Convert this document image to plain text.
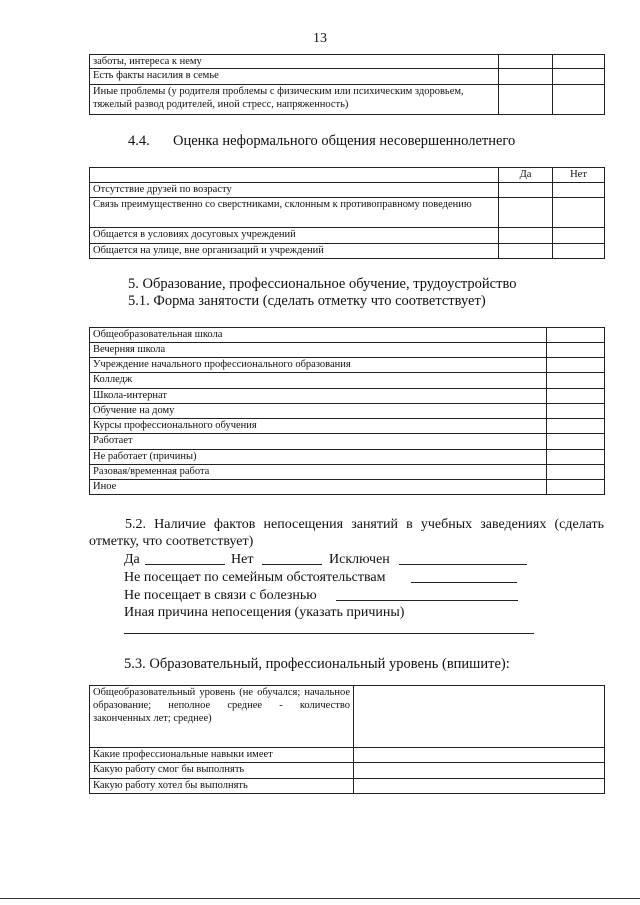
13
заботы, интереса к нему		
Есть факты насилия в семье		
Иные проблемы (у родителя проблемы с физическим или психическим здоровьем, тяжелый развод родителей, иной стресс, напряженность)		
4.4. Оценка неформального общения несовершеннолетнего
	Да	Нет
Отсутствие друзей по возрасту		
Связь преимущественно со сверстниками, склонным к противоправному поведению		
Общается в условиях досуговых учреждений		
Общается на улице, вне организаций и учреждений		
5. Образование, профессиональное обучение, трудоустройство
5.1. Форма занятости (сделать отметку что соответствует)
Общеобразовательная школа	
Вечерняя школа	
Учреждение начального профессионального образования	
Колледж	
Школа-интернат	
Обучение на дому	
Курсы профессионального обучения	
Работает	
Не работает (причины)	
Разовая/временная работа	
Иное	
5.2. Наличие фактов непосещения занятий в учебных заведениях (сделать отметку, что соответствует)
Да	Нет	Исключен
Не посещает по семейным обстоятельствам
Не посещает в связи с болезнью
Иная причина непосещения (указать причины)
5.3. Образовательный, профессиональный уровень (впишите):
Общеобразовательный уровень (не обучался; начальное образование; неполное среднее - количество законченных лет; среднее)	
Какие профессиональные навыки имеет	
Какую работу смог бы выполнять	
Какую работу хотел бы выполнять	
